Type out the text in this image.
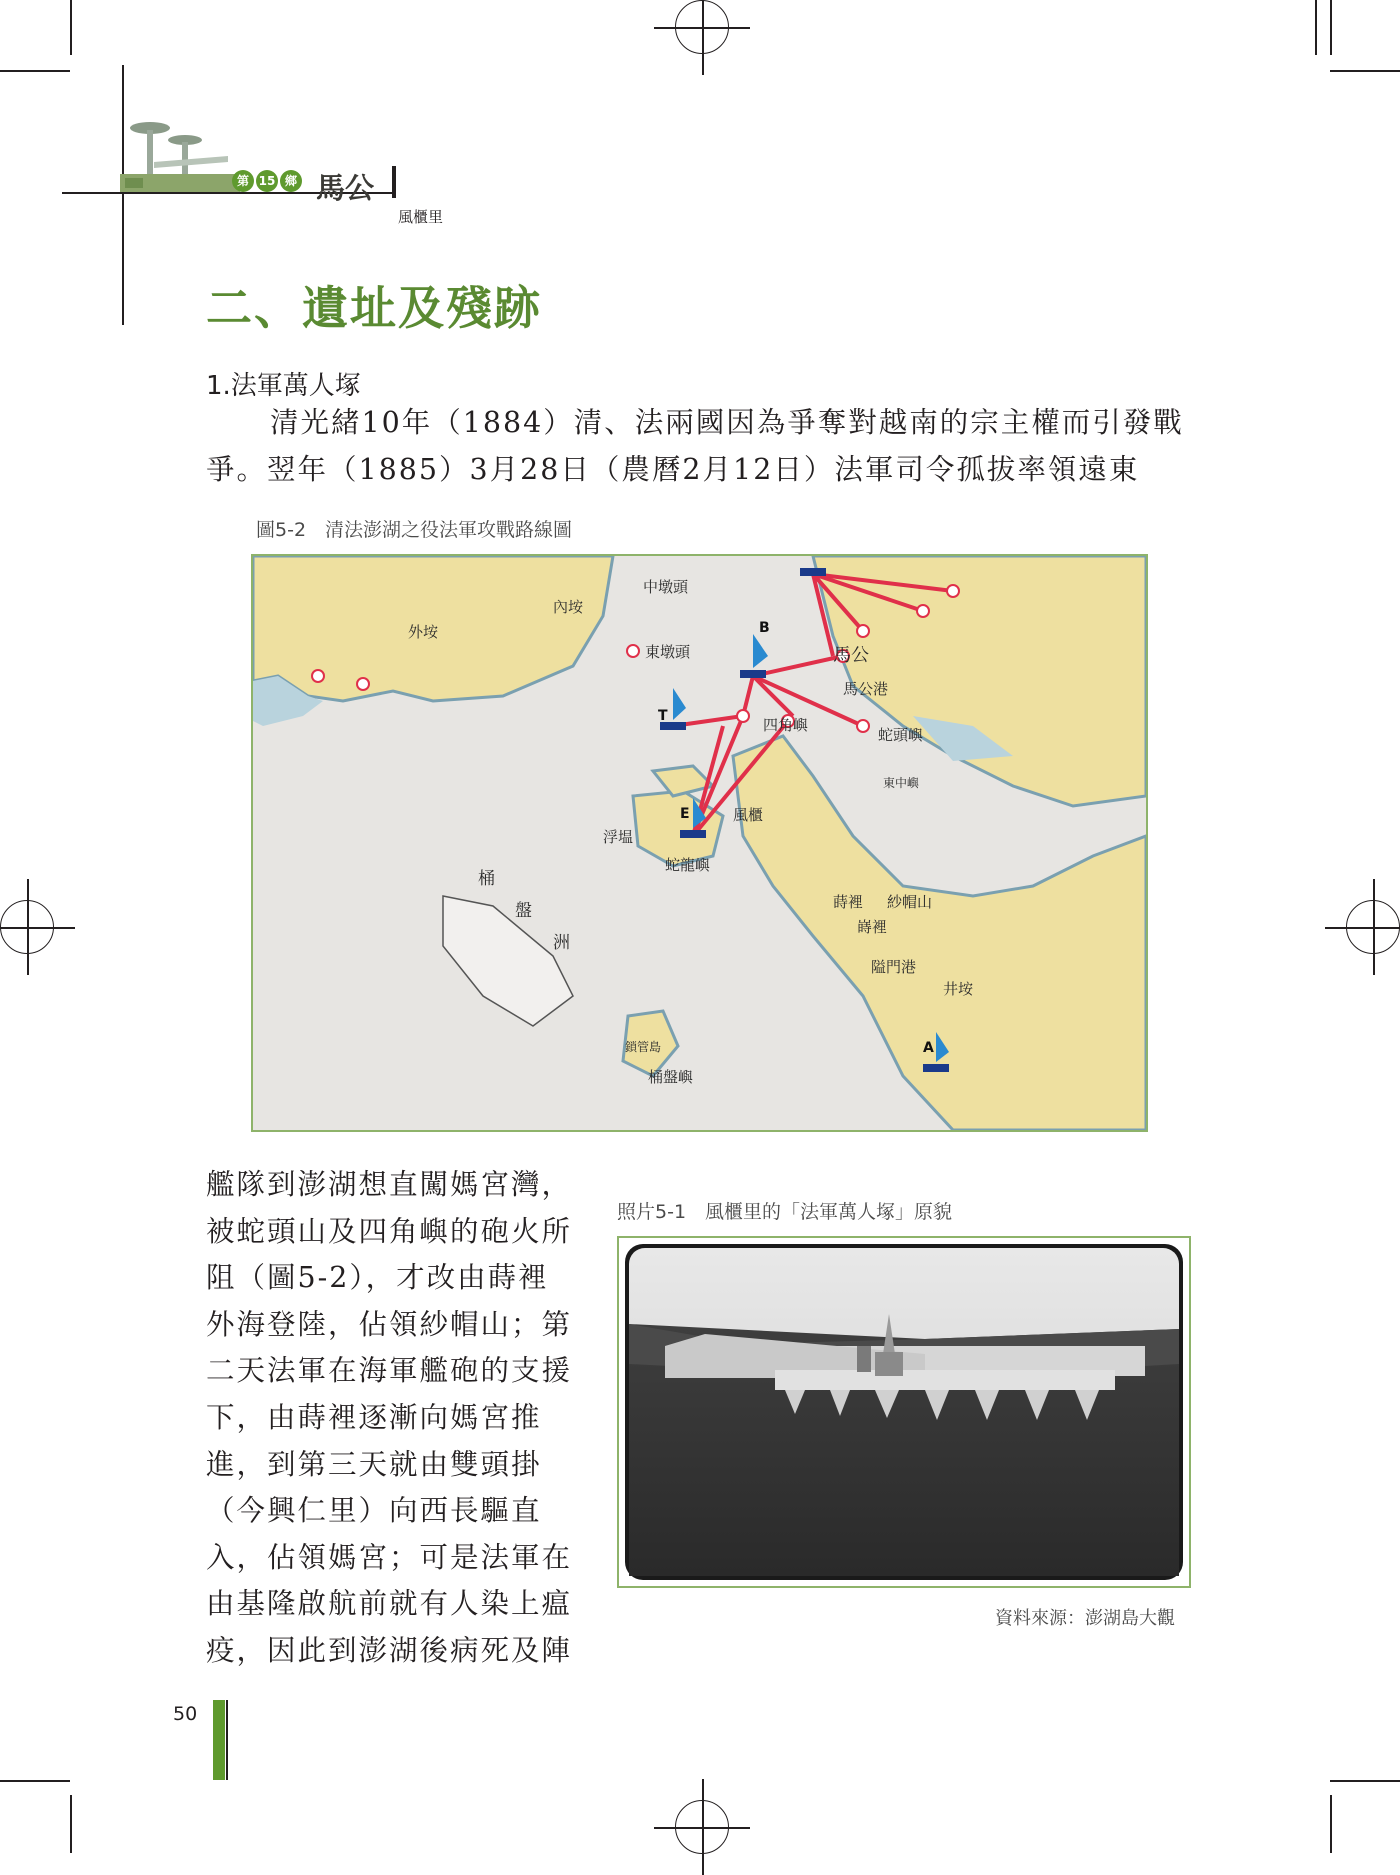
第 15 鄉 馬公
風櫃里
二、遺址及殘跡
1.法軍萬人塚

清光緒10年（1884）清、法兩國因為爭奪對越南的宗主權而引發戰爭。翌年（1885）3月28日（農曆2月12日）法軍司令孤拔率領遠東

圖5-2　清法澎湖之役法軍攻戰路線圖
B
T
E
A
外垵
內垵
中墩頭
東墩頭
四角嶼
馬公
馬公港
蛇頭嶼
風櫃
浮塭
蛇龍嶼
東中嶼
紗帽山
蒔裡
嵵裡
隘門港
井垵
桶
盤
洲
桶盤嶼
鎖管島

艦隊到澎湖想直闖媽宮灣，

被蛇頭山及四角嶼的砲火所

阻（圖5-2），才改由蒔裡

外海登陸，佔領紗帽山；第

二天法軍在海軍艦砲的支援

下，由蒔裡逐漸向媽宮推

進，到第三天就由雙頭掛

（今興仁里）向西長驅直

入，佔領媽宮；可是法軍在

由基隆啟航前就有人染上瘟

疫，因此到澎湖後病死及陣

照片5-1　風櫃里的「法軍萬人塚」原貌
資料來源：澎湖島大觀
50
